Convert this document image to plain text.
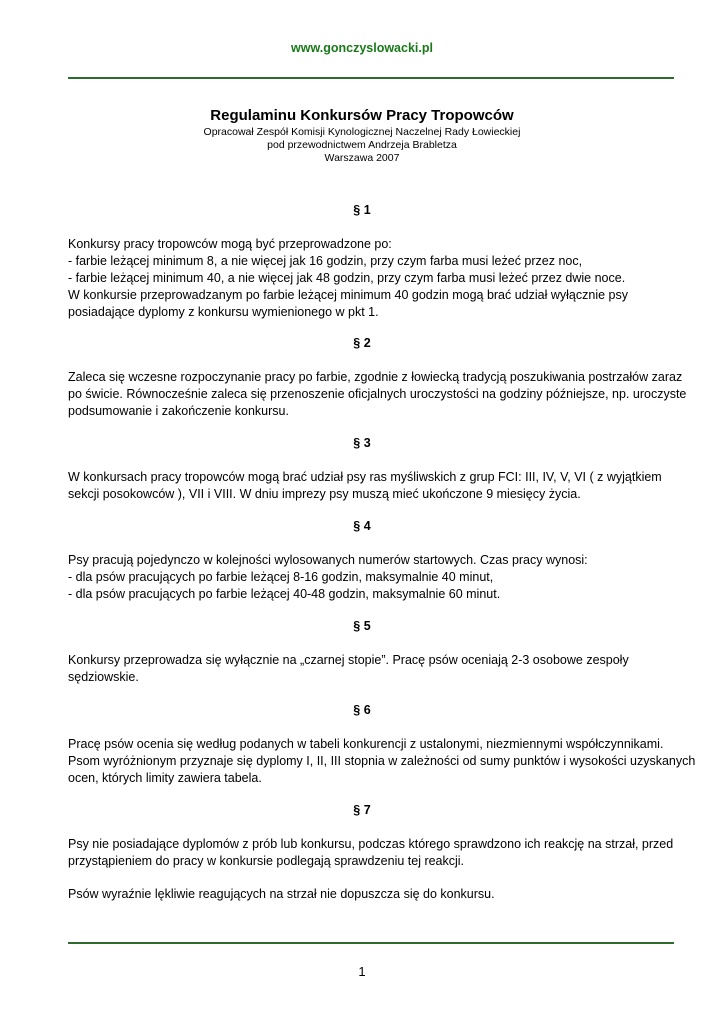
www.gonczyslowacki.pl
Regulaminu Konkursów Pracy Tropowców
Opracował Zespół Komisji Kynologicznej Naczelnej Rady Łowieckiej
pod przewodnictwem Andrzeja Brabletza
Warszawa 2007
§ 1
Konkursy pracy tropowców mogą być przeprowadzone po:
- farbie leżącej minimum 8, a nie więcej jak 16 godzin, przy czym farba musi leżeć przez noc,
- farbie leżącej minimum 40, a nie więcej jak 48 godzin, przy czym farba musi leżeć przez dwie noce.
W konkursie przeprowadzanym po farbie leżącej minimum 40 godzin mogą brać udział wyłącznie psy
posiadające dyplomy z konkursu wymienionego w pkt 1.
§ 2
Zaleca się wczesne rozpoczynanie pracy po farbie, zgodnie z łowiecką tradycją poszukiwania postrzałów zaraz
po świcie. Równocześnie zaleca się przenoszenie oficjalnych uroczystości na godziny późniejsze, np. uroczyste
podsumowanie i zakończenie konkursu.
§ 3
W konkursach pracy tropowców mogą brać udział psy ras myśliwskich z grup FCI: III, IV, V, VI ( z wyjątkiem
sekcji posokowców ), VII i VIII. W dniu imprezy psy muszą mieć ukończone 9 miesięcy życia.
§ 4
Psy pracują pojedynczo w kolejności wylosowanych numerów startowych. Czas pracy wynosi:
- dla psów pracujących po farbie leżącej 8-16 godzin, maksymalnie 40 minut,
- dla psów pracujących po farbie leżącej 40-48 godzin, maksymalnie 60 minut.
§ 5
Konkursy przeprowadza się wyłącznie na „czarnej stopie”. Pracę psów oceniają 2-3 osobowe zespoły
sędziowskie.
§ 6
Pracę psów ocenia się według podanych w tabeli konkurencji z ustalonymi, niezmiennymi współczynnikami.
Psom wyróżnionym przyznaje się dyplomy I, II, III stopnia w zależności od sumy punktów i wysokości uzyskanych
ocen, których limity zawiera tabela.
§ 7
Psy nie posiadające dyplomów z prób lub konkursu, podczas którego sprawdzono ich reakcję na strzał, przed
przystąpieniem do pracy w konkursie podlegają sprawdzeniu tej reakcji.
Psów wyraźnie lękliwie reagujących na strzał nie dopuszcza się do konkursu.
1
